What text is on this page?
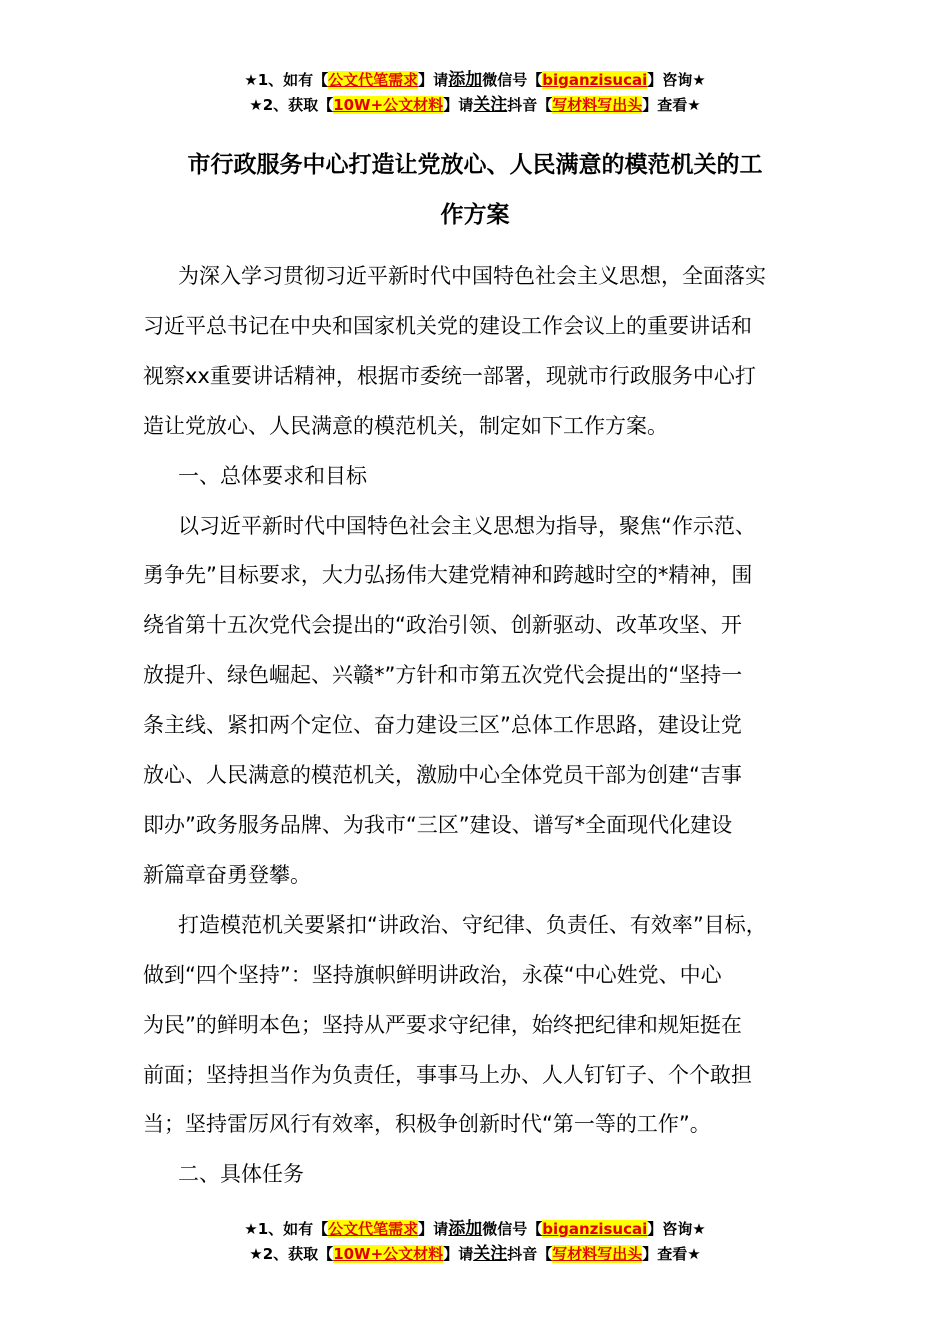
★1、如有【公文代笔需求】请添加微信号【biganzisucai】咨询★
★2、获取【10W+公文材料】请关注抖音【写材料写出头】查看★
市行政服务中心打造让党放心、人民满意的模范机关的工
作方案
为深入学习贯彻习近平新时代中国特色社会主义思想，全面落实
习近平总书记在中央和国家机关党的建设工作会议上的重要讲话和
视察xx重要讲话精神，根据市委统一部署，现就市行政服务中心打
造让党放心、人民满意的模范机关，制定如下工作方案。
一、总体要求和目标
以习近平新时代中国特色社会主义思想为指导，聚焦“作示范、
勇争先”目标要求，大力弘扬伟大建党精神和跨越时空的*精神，围
绕省第十五次党代会提出的“政治引领、创新驱动、改革攻坚、开
放提升、绿色崛起、兴赣*”方针和市第五次党代会提出的“坚持一
条主线、紧扣两个定位、奋力建设三区”总体工作思路，建设让党
放心、人民满意的模范机关，激励中心全体党员干部为创建“吉事
即办”政务服务品牌、为我市“三区”建设、谱写*全面现代化建设
新篇章奋勇登攀。
打造模范机关要紧扣“讲政治、守纪律、负责任、有效率”目标，
做到“四个坚持”：坚持旗帜鲜明讲政治，永葆“中心姓党、中心
为民”的鲜明本色；坚持从严要求守纪律，始终把纪律和规矩挺在
前面；坚持担当作为负责任，事事马上办、人人钉钉子、个个敢担
当；坚持雷厉风行有效率，积极争创新时代“第一等的工作”。
二、具体任务
★1、如有【公文代笔需求】请添加微信号【biganzisucai】咨询★
★2、获取【10W+公文材料】请关注抖音【写材料写出头】查看★
